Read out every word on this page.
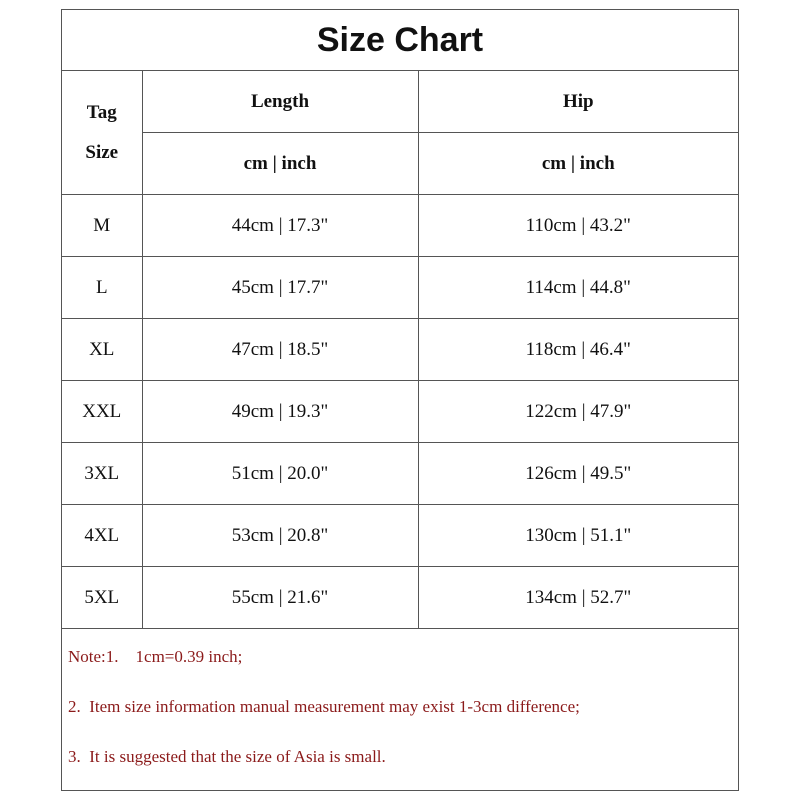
Size Chart
Tag
Size	Length	Hip
	cm | inch	cm | inch
M	44cm | 17.3"	110cm | 43.2"
L	45cm | 17.7"	114cm | 44.8"
XL	47cm | 18.5"	118cm | 46.4"
XXL	49cm | 19.3"	122cm | 47.9"
3XL	51cm | 20.0"	126cm | 49.5"
4XL	53cm | 20.8"	130cm | 51.1"
5XL	55cm | 21.6"	134cm | 52.7"
Note:1.    1cm=0.39 inch;
2.  Item size information manual measurement may exist 1-3cm difference;
3.  It is suggested that the size of Asia is small.
